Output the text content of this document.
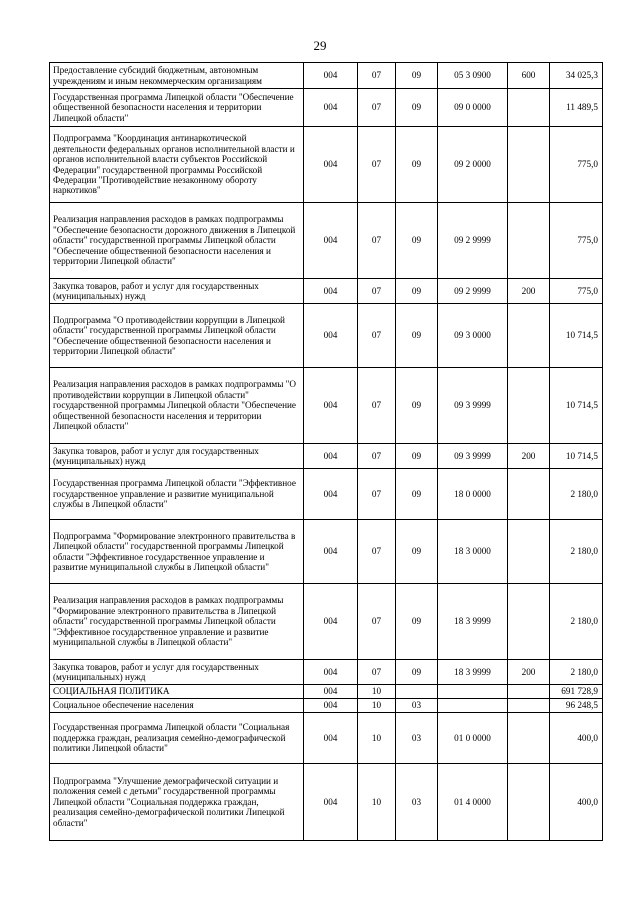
29
Предоставление субсидий бюджетным, автономным учреждениям и иным некоммерческим организациям	004	07	09	05 3 0900	600	34 025,3
Государственная программа Липецкой области "Обеспечение общественной безопасности населения и территории Липецкой области"	004	07	09	09 0 0000		11 489,5
Подпрограмма "Координация антинаркотической деятельности федеральных органов исполнительной власти и органов исполнительной власти субъектов Российской Федерации" государственной программы Российской Федерации "Противодействие незаконному обороту наркотиков"	004	07	09	09 2 0000		775,0
Реализация направления расходов в рамках подпрограммы "Обеспечение безопасности дорожного движения в Липецкой области" государственной программы Липецкой области "Обеспечение общественной безопасности населения и территории Липецкой области"	004	07	09	09 2 9999		775,0
Закупка товаров, работ и услуг для государственных (муниципальных) нужд	004	07	09	09 2 9999	200	775,0
Подпрограмма "О противодействии коррупции в Липецкой области" государственной программы Липецкой области "Обеспечение общественной безопасности населения и территории Липецкой области"	004	07	09	09 3 0000		10 714,5
Реализация направления расходов в рамках подпрограммы "О противодействии коррупции в Липецкой области" государственной программы Липецкой области "Обеспечение общественной безопасности населения и территории Липецкой области"	004	07	09	09 3 9999		10 714,5
Закупка товаров, работ и услуг для государственных (муниципальных) нужд	004	07	09	09 3 9999	200	10 714,5
Государственная программа Липецкой области "Эффективное государственное управление и развитие муниципальной службы в Липецкой области"	004	07	09	18 0 0000		2 180,0
Подпрограмма "Формирование электронного правительства в Липецкой области" государственной программы Липецкой области "Эффективное государственное управление и развитие муниципальной службы в Липецкой области"	004	07	09	18 3 0000		2 180,0
Реализация направления расходов в рамках подпрограммы "Формирование электронного правительства в Липецкой области" государственной программы Липецкой области "Эффективное государственное управление и развитие муниципальной службы в Липецкой области"	004	07	09	18 3 9999		2 180,0
Закупка товаров, работ и услуг для государственных (муниципальных) нужд	004	07	09	18 3 9999	200	2 180,0
СОЦИАЛЬНАЯ ПОЛИТИКА	004	10				691 728,9
Социальное обеспечение населения	004	10	03			96 248,5
Государственная программа Липецкой области "Социальная поддержка граждан, реализация семейно-демографической политики Липецкой области"	004	10	03	01 0 0000		400,0
Подпрограмма "Улучшение демографической ситуации и положения семей с детьми" государственной программы Липецкой области "Социальная поддержка граждан, реализация семейно-демографической политики Липецкой области"	004	10	03	01 4 0000		400,0
